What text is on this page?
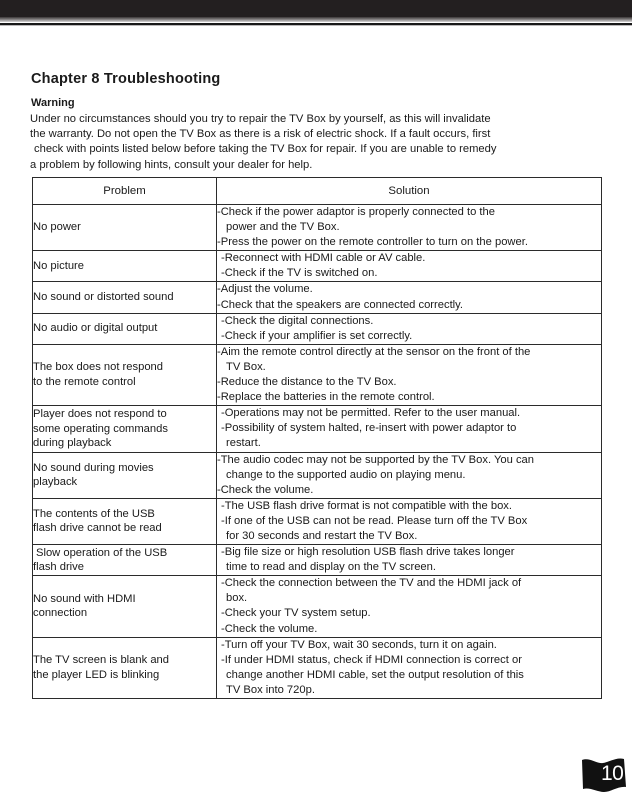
Chapter 8 Troubleshooting
Warning
Under no circumstances should you try to repair the TV Box by yourself, as this will invalidate
the warranty. Do not open the TV Box as there is a risk of electric shock. If a fault occurs, first
check with points listed below before taking the TV Box for repair. If you are unable to remedy
a problem by following hints, consult your dealer for help.
Problem	Solution

No power	-Check if the power adaptor is properly connected to the
power and the TV Box.
-Press the power on the remote controller to turn on the power.

No picture	-Reconnect with HDMI cable or AV cable.
-Check if the TV is switched on.

No sound or distorted sound	-Adjust the volume.
-Check that the speakers are connected correctly.

No audio or digital output	-Check the digital connections.
-Check if your amplifier is set correctly.

The box does not respond
to the remote control	-Aim the remote control directly at the sensor on the front of the
TV Box.
-Reduce the distance to the TV Box.
-Replace the batteries in the remote control.

Player does not respond to
some operating commands
during playback	-Operations may not be permitted. Refer to the user manual.
-Possibility of system halted, re-insert with power adaptor to
restart.

No sound during movies
playback	-The audio codec may not be supported by the TV Box. You can
change to the supported audio on playing menu.
-Check the volume.

The contents of the USB
flash drive cannot be read	-The USB flash drive format is not compatible with the box.
-If one of the USB can not be read. Please turn off the TV Box
for 30 seconds and restart the TV Box.

Slow operation of the USB
flash drive	-Big file size or high resolution USB flash drive takes longer
time to read and display on the TV screen.

No sound with HDMI
connection	-Check the connection between the TV and the HDMI jack of
box.
-Check your TV system setup.
-Check the volume.

The TV screen is blank and
the player LED is blinking	-Turn off your TV Box, wait 30 seconds, turn it on again.
-If under HDMI status, check if HDMI connection is correct or
change another HDMI cable, set the output resolution of this
TV Box into 720p.
10
